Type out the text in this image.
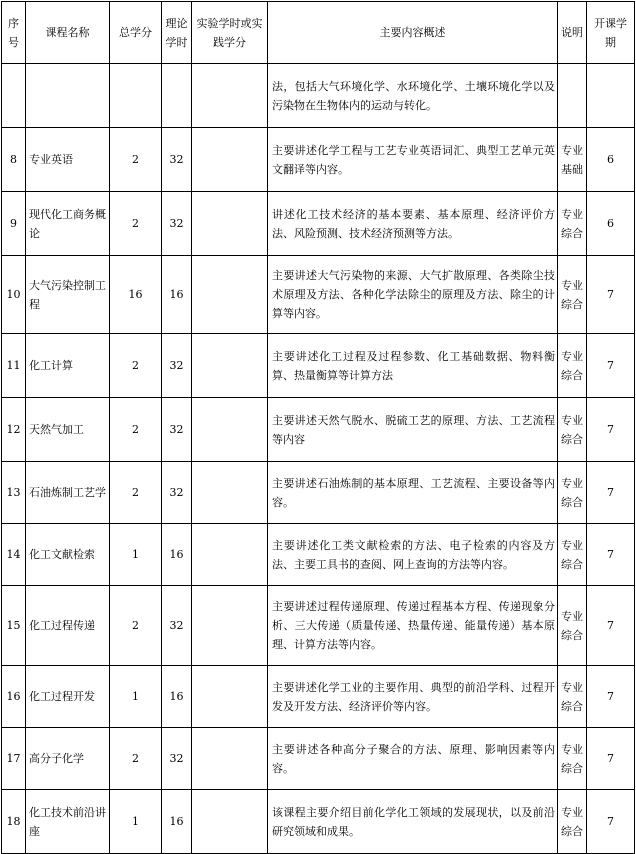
序号	课程名称	总学分	理论学时	实验学时或实践学分	主要内容概述	说明	开课学期
					法，包括大气环境化学、水环境化学、土壤环境化学以及污染物在生物体内的运动与转化。		
8	专业英语	2	32		主要讲述化学工程与工艺专业英语词汇、典型工艺单元英文翻译等内容。	专业基础	6
9	现代化工商务概论	2	32		讲述化工技术经济的基本要素、基本原理、经济评价方法、风险预测、技术经济预测等方法。	专业综合	6
10	大气污染控制工程	16	16		主要讲述大气污染物的来源、大气扩散原理、各类除尘技术原理及方法、各种化学法除尘的原理及方法、除尘的计算等内容。	专业综合	7
11	化工计算	2	32		主要讲述化工过程及过程参数、化工基础数据、物料衡算、热量衡算等计算方法	专业综合	7
12	天然气加工	2	32		主要讲述天然气脱水、脱硫工艺的原理、方法、工艺流程等内容	专业综合	7
13	石油炼制工艺学	2	32		主要讲述石油炼制的基本原理、工艺流程、主要设备等内容。	专业综合	7
14	化工文献检索	1	16		主要讲述化工类文献检索的方法、电子检索的内容及方法、主要工具书的查阅、网上查询的方法等内容。	专业综合	7
15	化工过程传递	2	32		主要讲述过程传递原理、传递过程基本方程、传递现象分析、三大传递（质量传递、热量传递、能量传递）基本原理、计算方法等内容。	专业综合	7
16	化工过程开发	1	16		主要讲述化学工业的主要作用、典型的前沿学科、过程开发及开发方法、经济评价等内容。	专业综合	7
17	高分子化学	2	32		主要讲述各种高分子聚合的方法、原理、影响因素等内容。	专业综合	7
18	化工技术前沿讲座	1	16		该课程主要介绍目前化学化工领域的发展现状，以及前沿研究领域和成果。	专业综合	7
